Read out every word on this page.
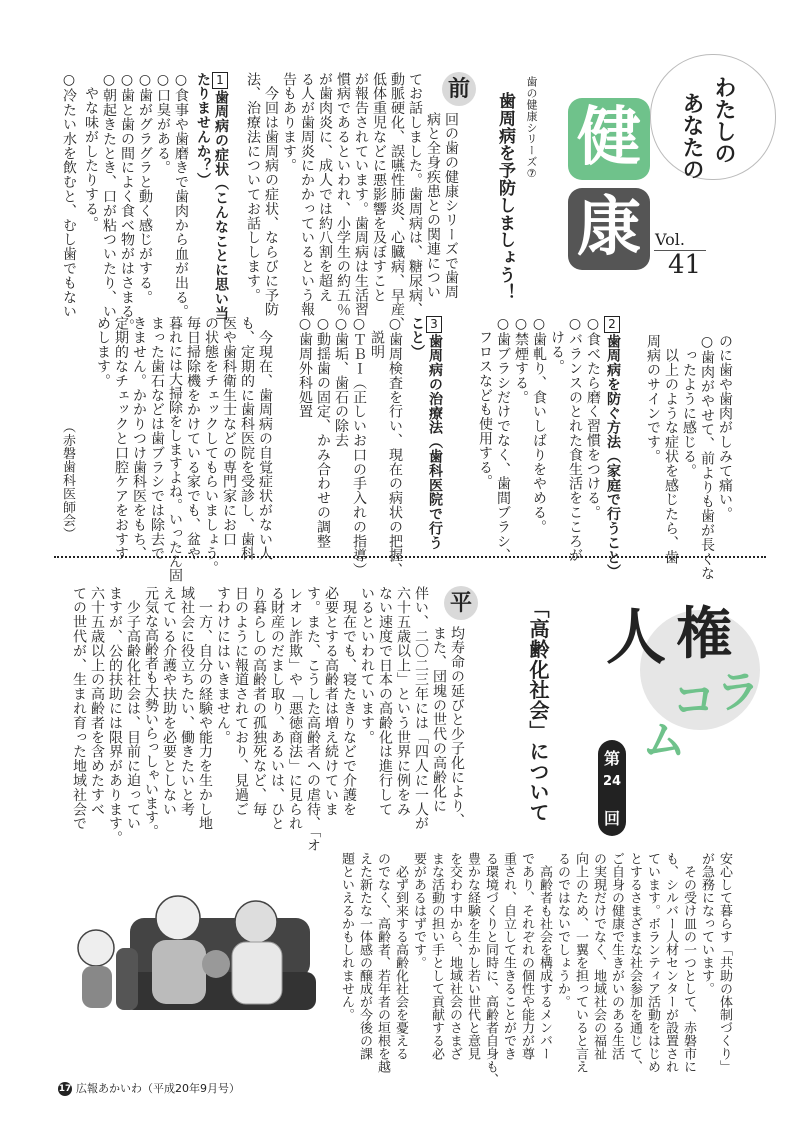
わたしの
あなたの
健
康 Vol.
41
歯の健康シリーズ⑦
歯周病を予防しましょう！
前
回の歯の健康シリーズで歯周
病と全身疾患との関連につい
てお話しました。歯周病は、糖尿病、
動脈硬化、誤嚥性肺炎、心臓病、早産、
低体重児などに悪影響を及ぼすこと
が報告されています。歯周病は生活習
慣病であるといわれ、小学生の約五％
が歯肉炎に、成人では約八割を超え
る人が歯周炎にかかっているという報
告もあります。
　今回は歯周病の症状、ならびに予防
法、治療法についてお話しします。
1
歯周病の症状（こんなことに思い当
たりませんか？）
○食事や歯磨きで歯肉から血が出る。
○口臭がある。
○歯がグラグラと動く感じがする。
○歯と歯の間によく食べ物がはさまる。
○朝起きたとき、口が粘ついたり、い
　やな味がしたりする。
○冷たい水を飲むと、むし歯でもない
のに歯や歯肉がしみて痛い。
○歯肉がやせて、前よりも歯が長くな
　ったように感じる。
　以上のような症状を感じたら、歯
周病のサインです。
2
歯周病を防ぐ方法（家庭で行うこと）
○食べたら磨く習慣をつける。
○バランスのとれた食生活をこころが
　ける。
○歯軋り、食いしばりをやめる。
○禁煙する。
○歯ブラシだけでなく、歯間ブラシ、
　フロスなども使用する。
3
歯周病の治療法（歯科医院で行う
こと）
○歯周検査を行い、現在の病状の把握、
　説明
○ＴＢＩ（正しいお口の手入れの指導）
○歯垢、歯石の除去
○動揺歯の固定、かみ合わせの調整
○歯周外科処置
　今現在、歯周病の自覚症状がない人
も、定期的に歯科医院を受診し、歯科
医や歯科衛生士などの専門家にお口
の状態をチェックしてもらいましょう。
毎日掃除機をかけている家でも、盆や
暮れには大掃除をしますよね。いったん固
まった歯石などは歯ブラシでは除去で
きません。かかりつけ歯科医をもち、
定期的なチェックと口腔ケアをおすす
めします。
（赤磐歯科医師会）
人 権
コ ラ
ム
第
24
回
「高齢化社会」について
平
均寿命の延びと少子化により、
また、団塊の世代の高齢化に
伴い、二〇二三年には「四人に一人が
六十五歳以上」という世界に例をみ
ない速度で日本の高齢化は進行して
いるといわれています。
　現在でも、寝たきりなどで介護を
必要とする高齢者は増え続けていま
す。また、こうした高齢者への虐待、「オ
レオレ詐欺」や「悪徳商法」に見られ
る財産のだまし取り、あるいは、ひと
り暮らしの高齢者の孤独死など、毎
日のように報道されており、見過ご
すわけにはいきません。
　一方、自分の経験や能力を生かし地
域社会に役立ちたい、働きたいと考
えている介護や扶助を必要としない
元気な高齢者も大勢いらっしゃいます。
　少子高齢化社会は、目前に迫ってい
ますが、公的扶助には限界があります。
六十五歳以上の高齢者を含めたすべ
ての世代が、生まれ育った地域社会で
安心して暮らす「共助の体制づくり」
が急務になっています。
　その受け皿の一つとして、赤磐市に
も、シルバー人材センターが設置され
ています。ボランティア活動をはじめ
とするさまざまな社会参加を通じて、
ご自身の健康で生きがいのある生活
の実現だけでなく、地域社会の福祉
向上のため、一翼を担っていると言え
るのではないでしょうか。
　高齢者も社会を構成するメンバー
であり、それぞれの個性や能力が尊
重され、自立して生きることができ
る環境づくりと同時に、高齢者自身も、
豊かな経験を生かし若い世代と意見
を交わす中から、地域社会のさまざ
まな活動の担い手として貢献する必
要があるはずです。
　必ず到来する高齢化社会を憂える
のでなく、高齢者、若年者の垣根を越
えた新たな一体感の醸成が今後の課
題といえるかもしれません。
17 広報あかいわ（平成20年9月号）
